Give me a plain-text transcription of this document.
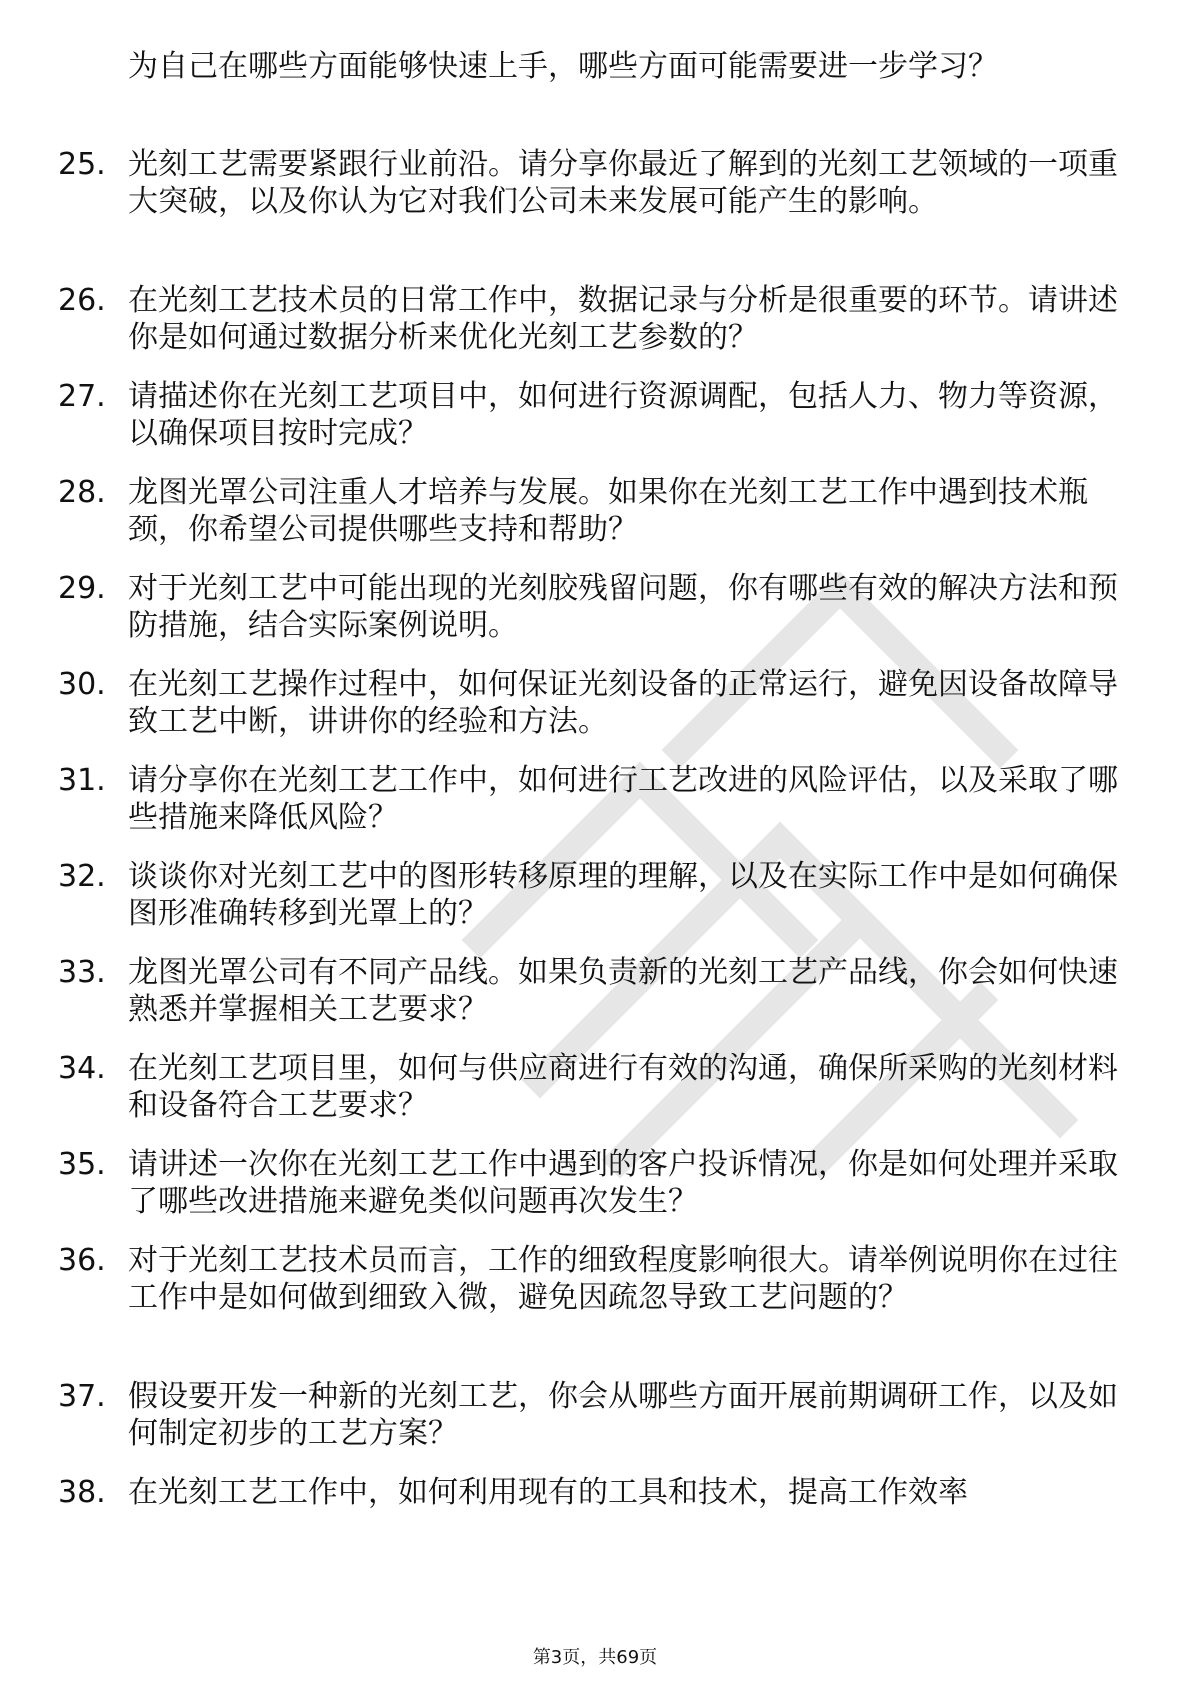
为自己在哪些方面能够快速上手，哪些方面可能需要进一步学习？
25. 光刻工艺需要紧跟行业前沿。请分享你最近了解到的光刻工艺领域的一项重大突破，以及你认为它对我们公司未来发展可能产生的影响。
26. 在光刻工艺技术员的日常工作中，数据记录与分析是很重要的环节。请讲述你是如何通过数据分析来优化光刻工艺参数的？
27. 请描述你在光刻工艺项目中，如何进行资源调配，包括人力、物力等资源，以确保项目按时完成？
28. 龙图光罩公司注重人才培养与发展。如果你在光刻工艺工作中遇到技术瓶颈，你希望公司提供哪些支持和帮助？
29. 对于光刻工艺中可能出现的光刻胶残留问题，你有哪些有效的解决方法和预防措施，结合实际案例说明。
30. 在光刻工艺操作过程中，如何保证光刻设备的正常运行，避免因设备故障导致工艺中断，讲讲你的经验和方法。
31. 请分享你在光刻工艺工作中，如何进行工艺改进的风险评估，以及采取了哪些措施来降低风险？
32. 谈谈你对光刻工艺中的图形转移原理的理解，以及在实际工作中是如何确保图形准确转移到光罩上的？
33. 龙图光罩公司有不同产品线。如果负责新的光刻工艺产品线，你会如何快速熟悉并掌握相关工艺要求？
34. 在光刻工艺项目里，如何与供应商进行有效的沟通，确保所采购的光刻材料和设备符合工艺要求？
35. 请讲述一次你在光刻工艺工作中遇到的客户投诉情况，你是如何处理并采取了哪些改进措施来避免类似问题再次发生？
36. 对于光刻工艺技术员而言，工作的细致程度影响很大。请举例说明你在过往工作中是如何做到细致入微，避免因疏忽导致工艺问题的？
37. 假设要开发一种新的光刻工艺，你会从哪些方面开展前期调研工作，以及如何制定初步的工艺方案？
38. 在光刻工艺工作中，如何利用现有的工具和技术，提高工作效率
第3页，共69页
